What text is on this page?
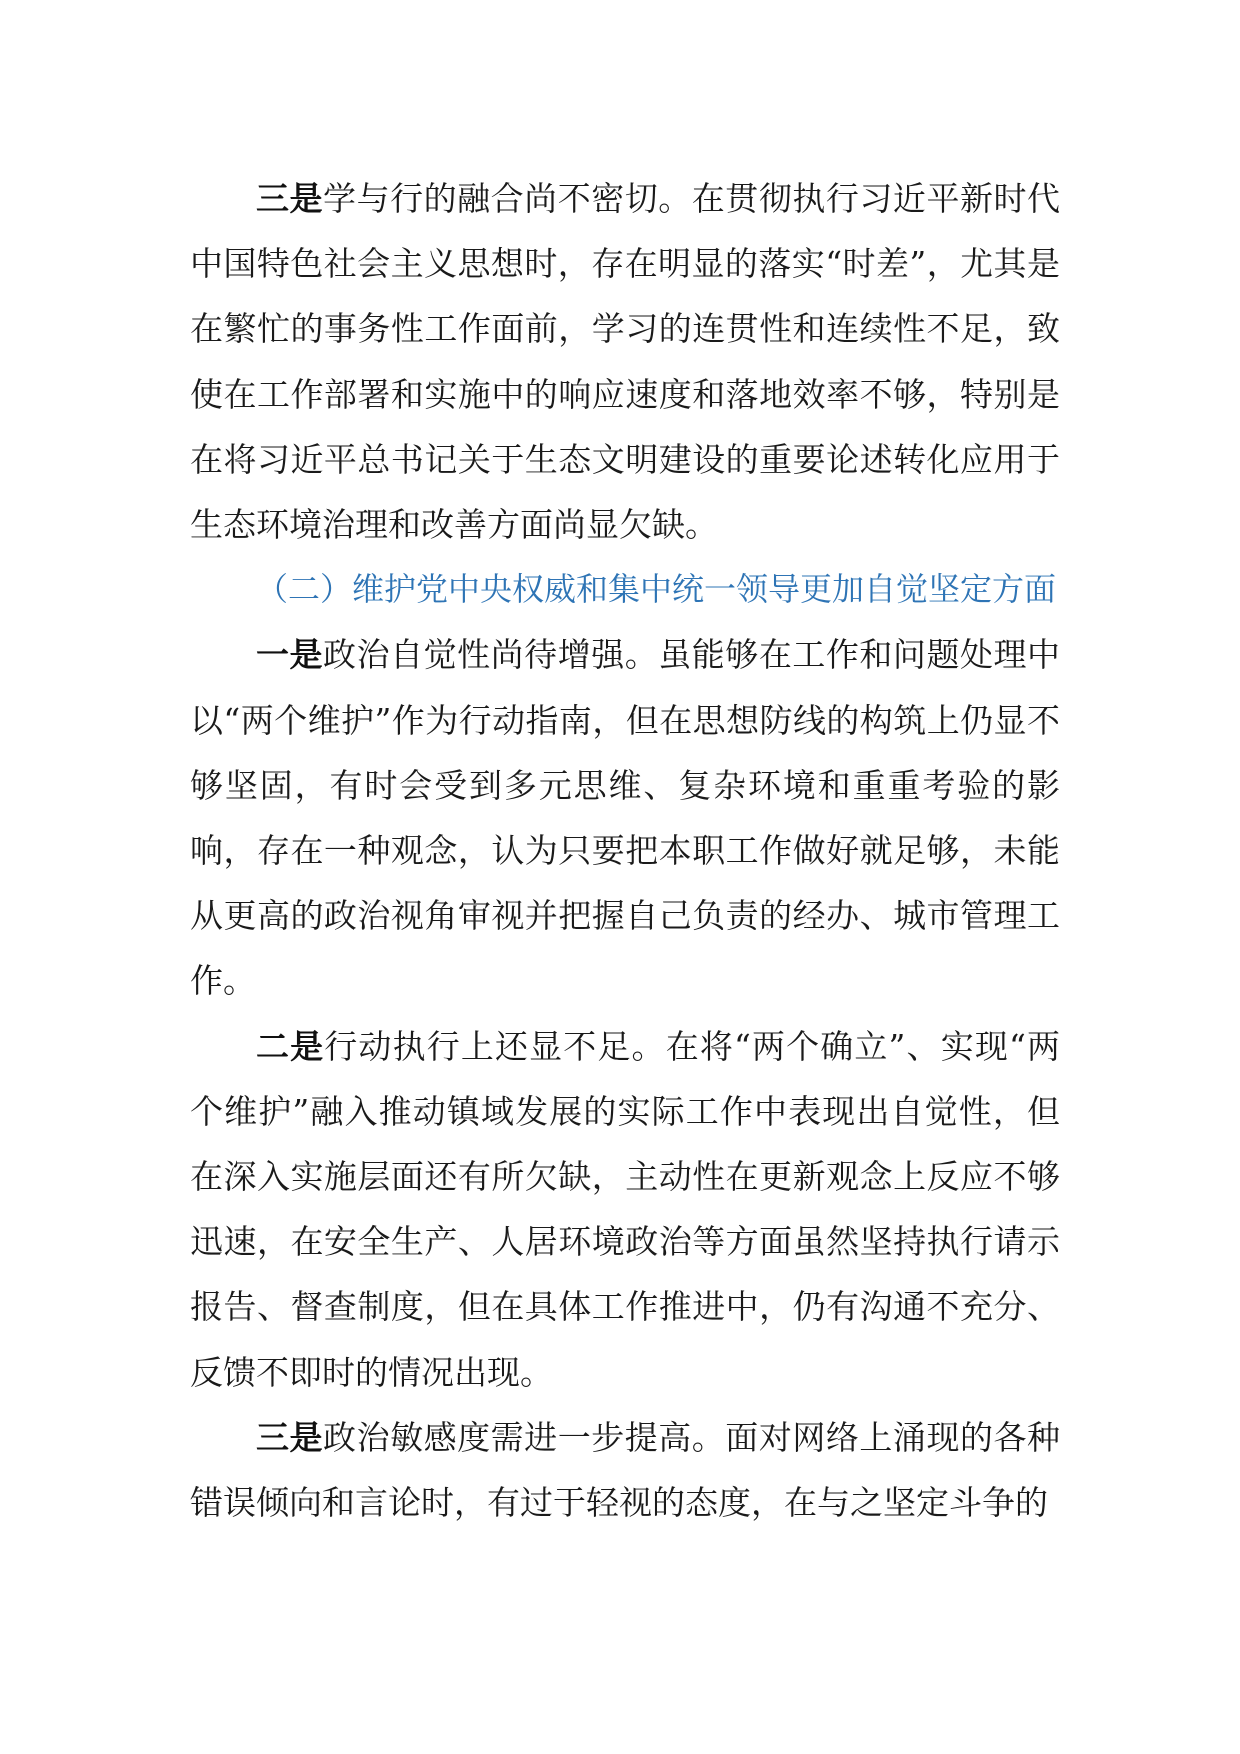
三是学与行的融合尚不密切。在贯彻执行习近平新时代中国特色社会主义思想时，存在明显的落实“时差”，尤其是在繁忙的事务性工作面前，学习的连贯性和连续性不足，致使在工作部署和实施中的响应速度和落地效率不够，特别是在将习近平总书记关于生态文明建设的重要论述转化应用于生态环境治理和改善方面尚显欠缺。

（二）维护党中央权威和集中统一领导更加自觉坚定方面

一是政治自觉性尚待增强。虽能够在工作和问题处理中以“两个维护”作为行动指南，但在思想防线的构筑上仍显不够坚固，有时会受到多元思维、复杂环境和重重考验的影响，存在一种观念，认为只要把本职工作做好就足够，未能从更高的政治视角审视并把握自己负责的经办、城市管理工作。

二是行动执行上还显不足。在将“两个确立”、实现“两个维护”融入推动镇域发展的实际工作中表现出自觉性，但在深入实施层面还有所欠缺，主动性在更新观念上反应不够迅速，在安全生产、人居环境政治等方面虽然坚持执行请示报告、督查制度，但在具体工作推进中，仍有沟通不充分、反馈不即时的情况出现。

三是政治敏感度需进一步提高。面对网络上涌现的各种错误倾向和言论时，有过于轻视的态度，在与之坚定斗争的
